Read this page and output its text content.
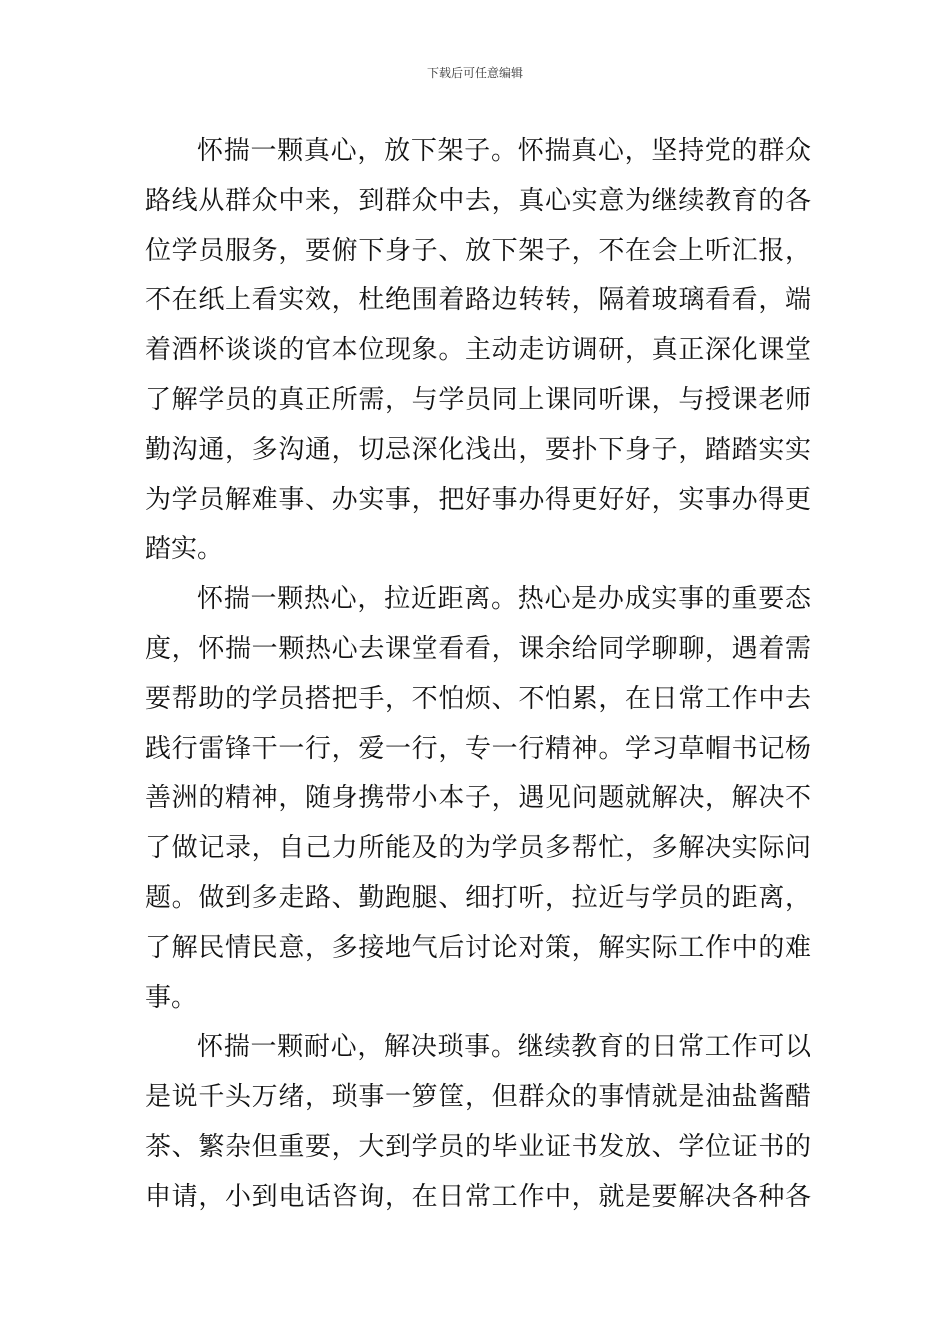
下载后可任意编辑
怀揣一颗真心，放下架子。怀揣真心，坚持党的群众
路线从群众中来，到群众中去，真心实意为继续教育的各
位学员服务，要俯下身子、放下架子，不在会上听汇报，
不在纸上看实效，杜绝围着路边转转，隔着玻璃看看，端
着酒杯谈谈的官本位现象。主动走访调研，真正深化课堂
了解学员的真正所需，与学员同上课同听课，与授课老师
勤沟通，多沟通，切忌深化浅出，要扑下身子，踏踏实实
为学员解难事、办实事，把好事办得更好好，实事办得更
踏实。
怀揣一颗热心，拉近距离。热心是办成实事的重要态
度，怀揣一颗热心去课堂看看，课余给同学聊聊，遇着需
要帮助的学员搭把手，不怕烦、不怕累，在日常工作中去
践行雷锋干一行，爱一行，专一行精神。学习草帽书记杨
善洲的精神，随身携带小本子，遇见问题就解决，解决不
了做记录，自己力所能及的为学员多帮忙，多解决实际问
题。做到多走路、勤跑腿、细打听，拉近与学员的距离，
了解民情民意，多接地气后讨论对策，解实际工作中的难
事。
怀揣一颗耐心，解决琐事。继续教育的日常工作可以
是说千头万绪，琐事一箩筐，但群众的事情就是油盐酱醋
茶、繁杂但重要，大到学员的毕业证书发放、学位证书的
申请，小到电话咨询，在日常工作中，就是要解决各种各
